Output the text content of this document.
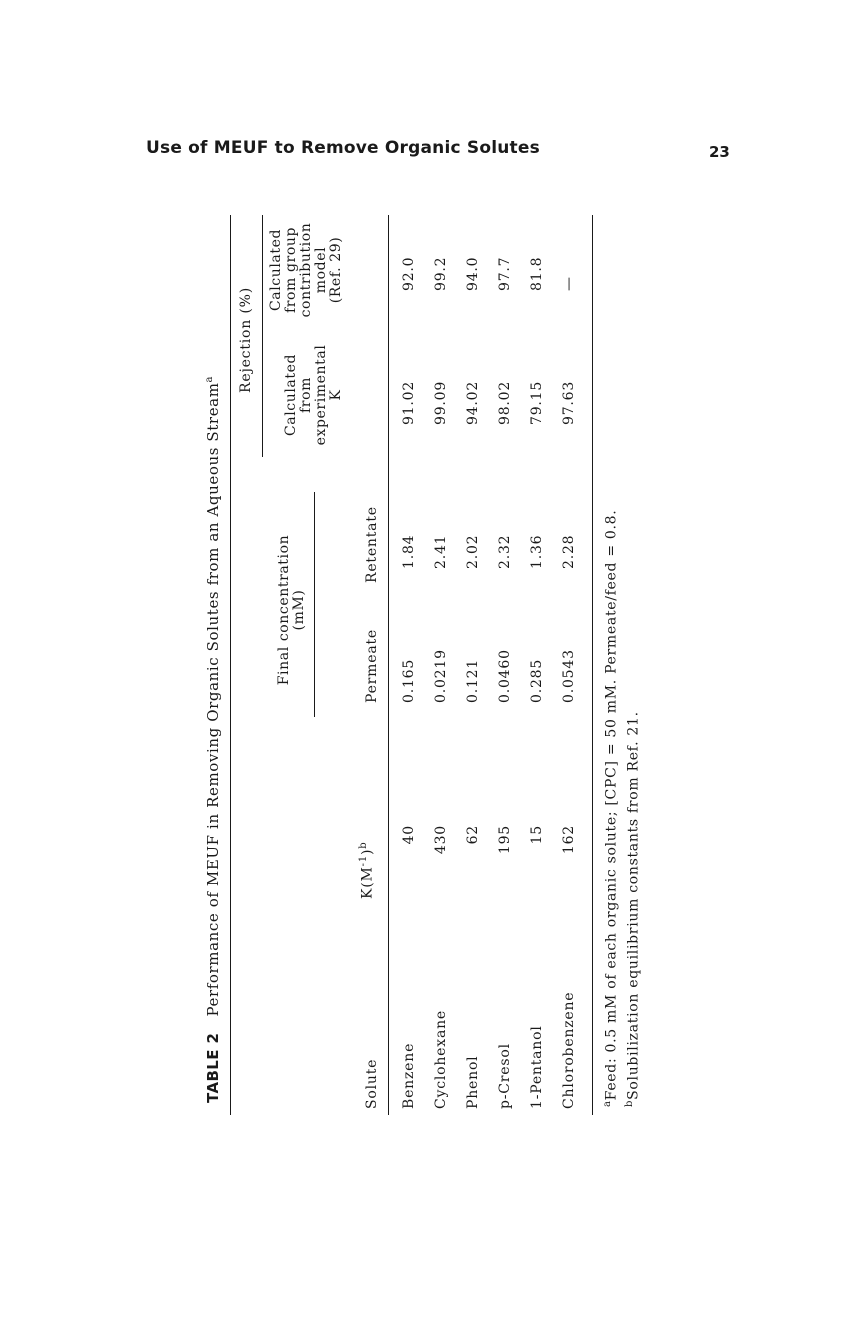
Use of MEUF to Remove Organic Solutes	23
TABLE 2   Performance of MEUF in Removing Organic Solutes from an Aqueous Stream$^a$	Rejection (%)
Final concentration (mM)
Calculated from experimental K
Calculated from group contribution model (Ref. 29)
Solute
$K(M^{-1})^b$
Permeate
Retentate
Benzene
40
0.165
1.84
91.02
92.0
Cyclohexane
430
0.0219
2.41
99.09
99.2
Phenol
62
0.121
2.02
94.02
94.0
p-Cresol
195
0.0460
2.32
98.02
97.7
1-Pentanol
15
0.285
1.36
79.15
81.8
Chlorobenzene
162
0.0543
2.28
97.63
—
$^a$Feed: 0.5 mM of each organic solute; [CPC] = 50 mM. Permeate/feed = 0.8.
$^b$Solubilization equilibrium constants from Ref. 21.
